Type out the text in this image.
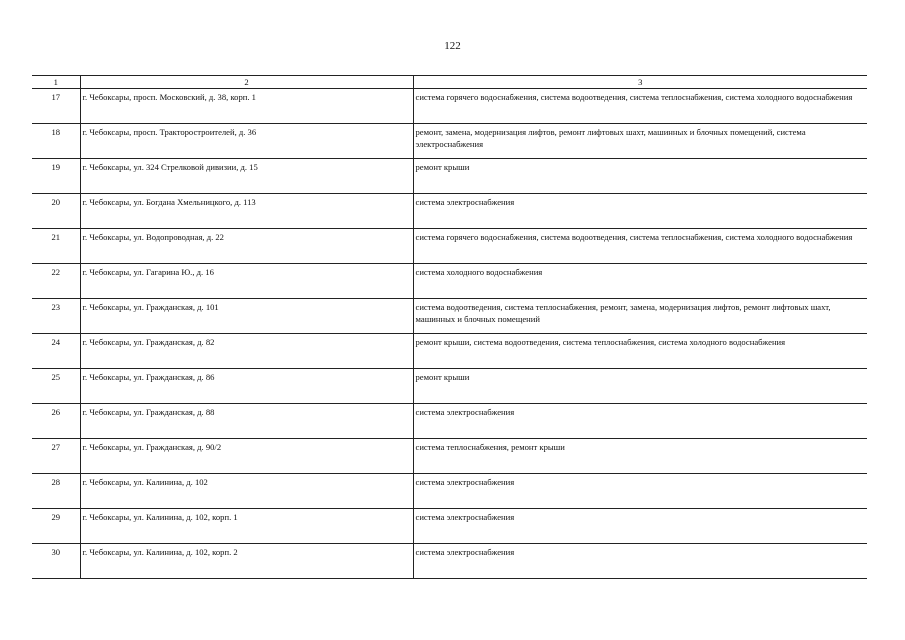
122
1	2	3
17	г. Чебоксары, просп. Московский, д. 38, корп. 1	система горячего водоснабжения, система водоотведения, система теплоснабжения, система холодного водоснабжения
18	г. Чебоксары, просп. Тракторостроителей, д. 36	ремонт, замена, модернизация лифтов, ремонт лифтовых шахт, машинных и блочных помещений, система электроснабжения
19	г. Чебоксары, ул. 324 Стрелковой дивизии, д. 15	ремонт крыши
20	г. Чебоксары, ул. Богдана Хмельницкого, д. 113	система электроснабжения
21	г. Чебоксары, ул. Водопроводная, д. 22	система горячего водоснабжения, система водоотведения, система теплоснабжения, система холодного водоснабжения
22	г. Чебоксары, ул. Гагарина Ю., д. 16	система холодного водоснабжения
23	г. Чебоксары, ул. Гражданская, д. 101	система водоотведения, система теплоснабжения, ремонт, замена, модернизация лифтов, ремонт лифтовых шахт, машинных и блочных помещений
24	г. Чебоксары, ул. Гражданская, д. 82	ремонт крыши, система водоотведения, система теплоснабжения, система холодного водоснабжения
25	г. Чебоксары, ул. Гражданская, д. 86	ремонт крыши
26	г. Чебоксары, ул. Гражданская, д. 88	система электроснабжения
27	г. Чебоксары, ул. Гражданская, д. 90/2	система теплоснабжения, ремонт крыши
28	г. Чебоксары, ул. Калинина, д. 102	система электроснабжения
29	г. Чебоксары, ул. Калинина, д. 102, корп. 1	система электроснабжения
30	г. Чебоксары, ул. Калинина, д. 102, корп. 2	система электроснабжения
